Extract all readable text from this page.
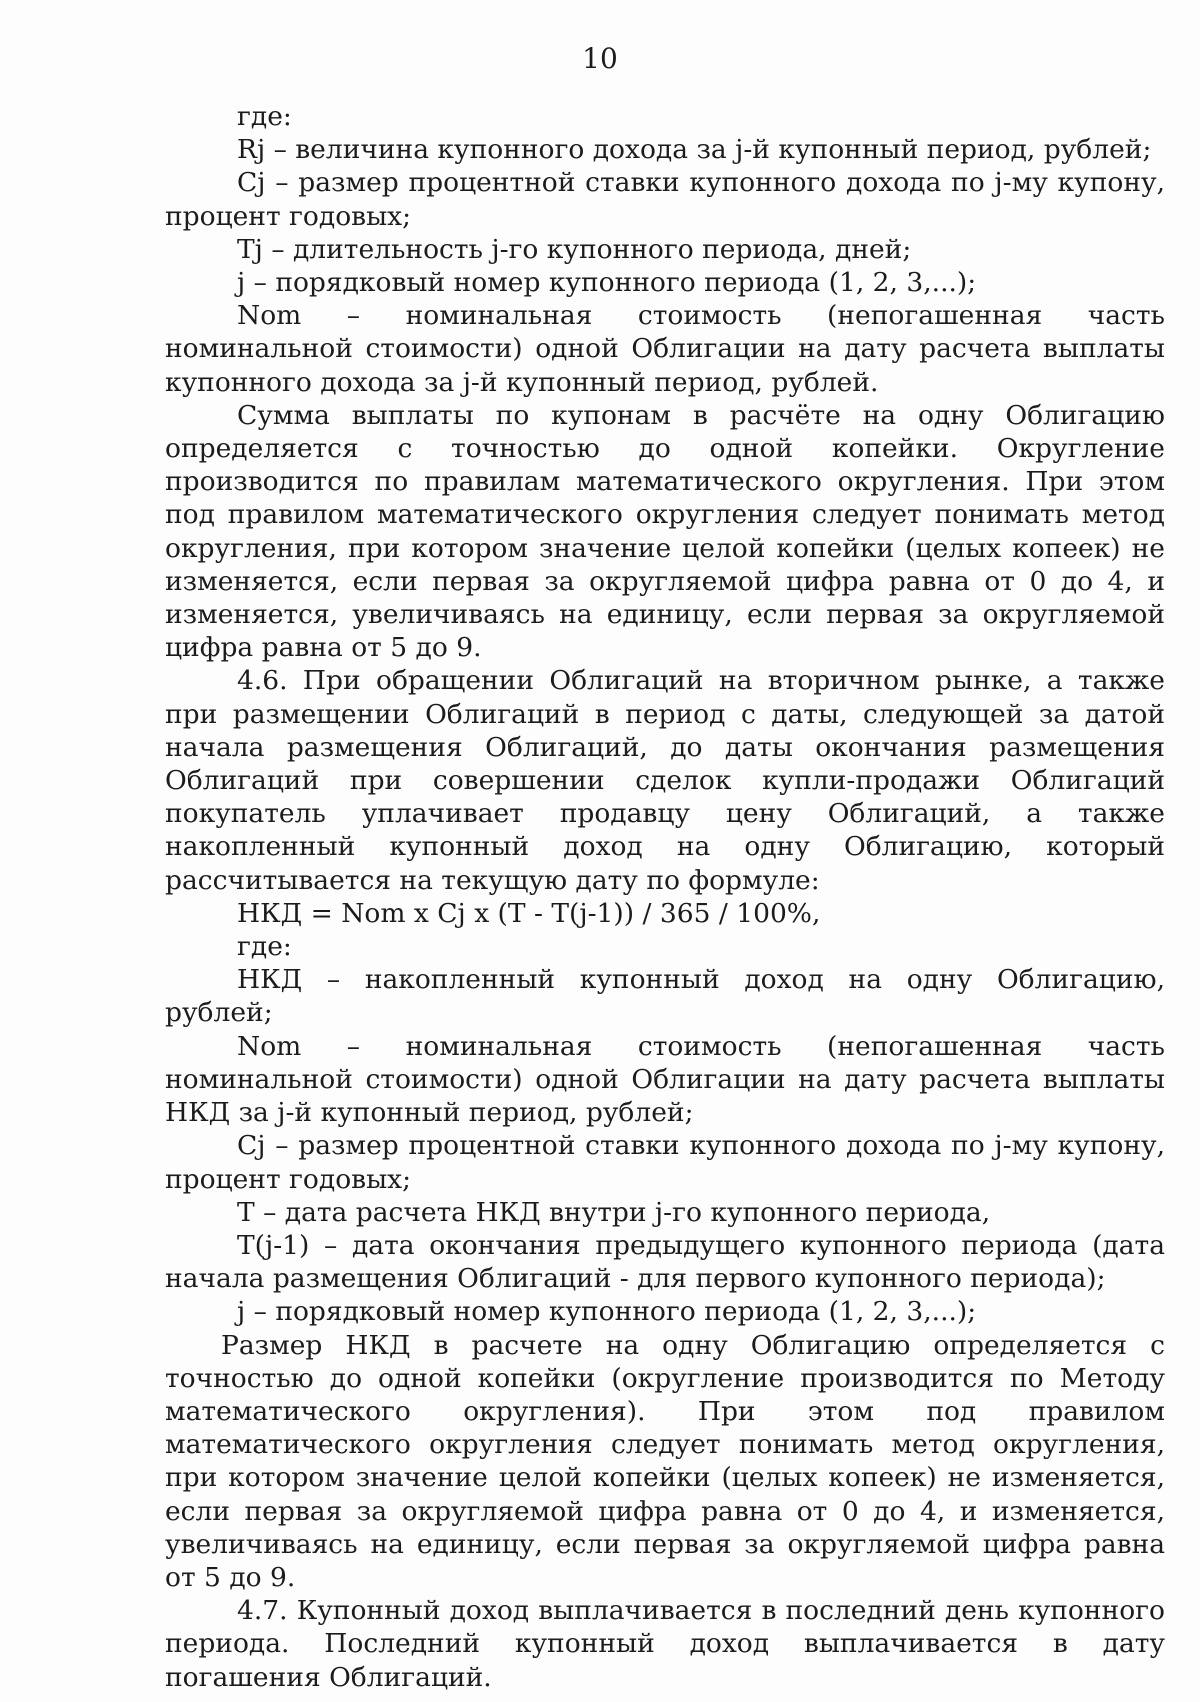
10

где:

Rj – величина купонного дохода за j-й купонный период, рублей;

Cj – размер процентной ставки купонного дохода по j-му купону, процент годовых;

Tj – длительность j-го купонного периода, дней;

j – порядковый номер купонного периода (1, 2, 3,...);

Nom – номинальная стоимость (непогашенная часть номинальной стоимости) одной Облигации на дату расчета выплаты купонного дохода за j-й купонный период, рублей.

Сумма выплаты по купонам в расчёте на одну Облигацию определяется с точностью до одной копейки. Округление производится по правилам математического округления. При этом под правилом математического округления следует понимать метод округления, при котором значение целой копейки (целых копеек) не изменяется, если первая за округляемой цифра равна от 0 до 4, и изменяется, увеличиваясь на единицу, если первая за округляемой цифра равна от 5 до 9.

4.6. При обращении Облигаций на вторичном рынке, а также при размещении Облигаций в период с даты, следующей за датой начала размещения Облигаций, до даты окончания размещения Облигаций при совершении сделок купли-продажи Облигаций покупатель уплачивает продавцу цену Облигаций, а также накопленный купонный доход на одну Облигацию, который рассчитывается на текущую дату по формуле:

НКД = Nom x Cj x (T - T(j-1)) / 365 / 100%,

где:

НКД – накопленный купонный доход на одну Облигацию, рублей;

Nom – номинальная стоимость (непогашенная часть номинальной стоимости) одной Облигации на дату расчета выплаты НКД за j-й купонный период, рублей;

Cj – размер процентной ставки купонного дохода по j-му купону, процент годовых;

T – дата расчета НКД внутри j-го купонного периода,

T(j-1) – дата окончания предыдущего купонного периода (дата начала размещения Облигаций - для первого купонного периода);

j – порядковый номер купонного периода (1, 2, 3,...);

Размер НКД в расчете на одну Облигацию определяется с точностью до одной копейки (округление производится по Методу математического округления). При этом под правилом математического округления следует понимать метод округления, при котором значение целой копейки (целых копеек) не изменяется, если первая за округляемой цифра равна от 0 до 4, и изменяется, увеличиваясь на единицу, если первая за округляемой цифра равна от 5 до 9.

4.7. Купонный доход выплачивается в последний день купонного периода. Последний купонный доход выплачивается в дату погашения Облигаций.
